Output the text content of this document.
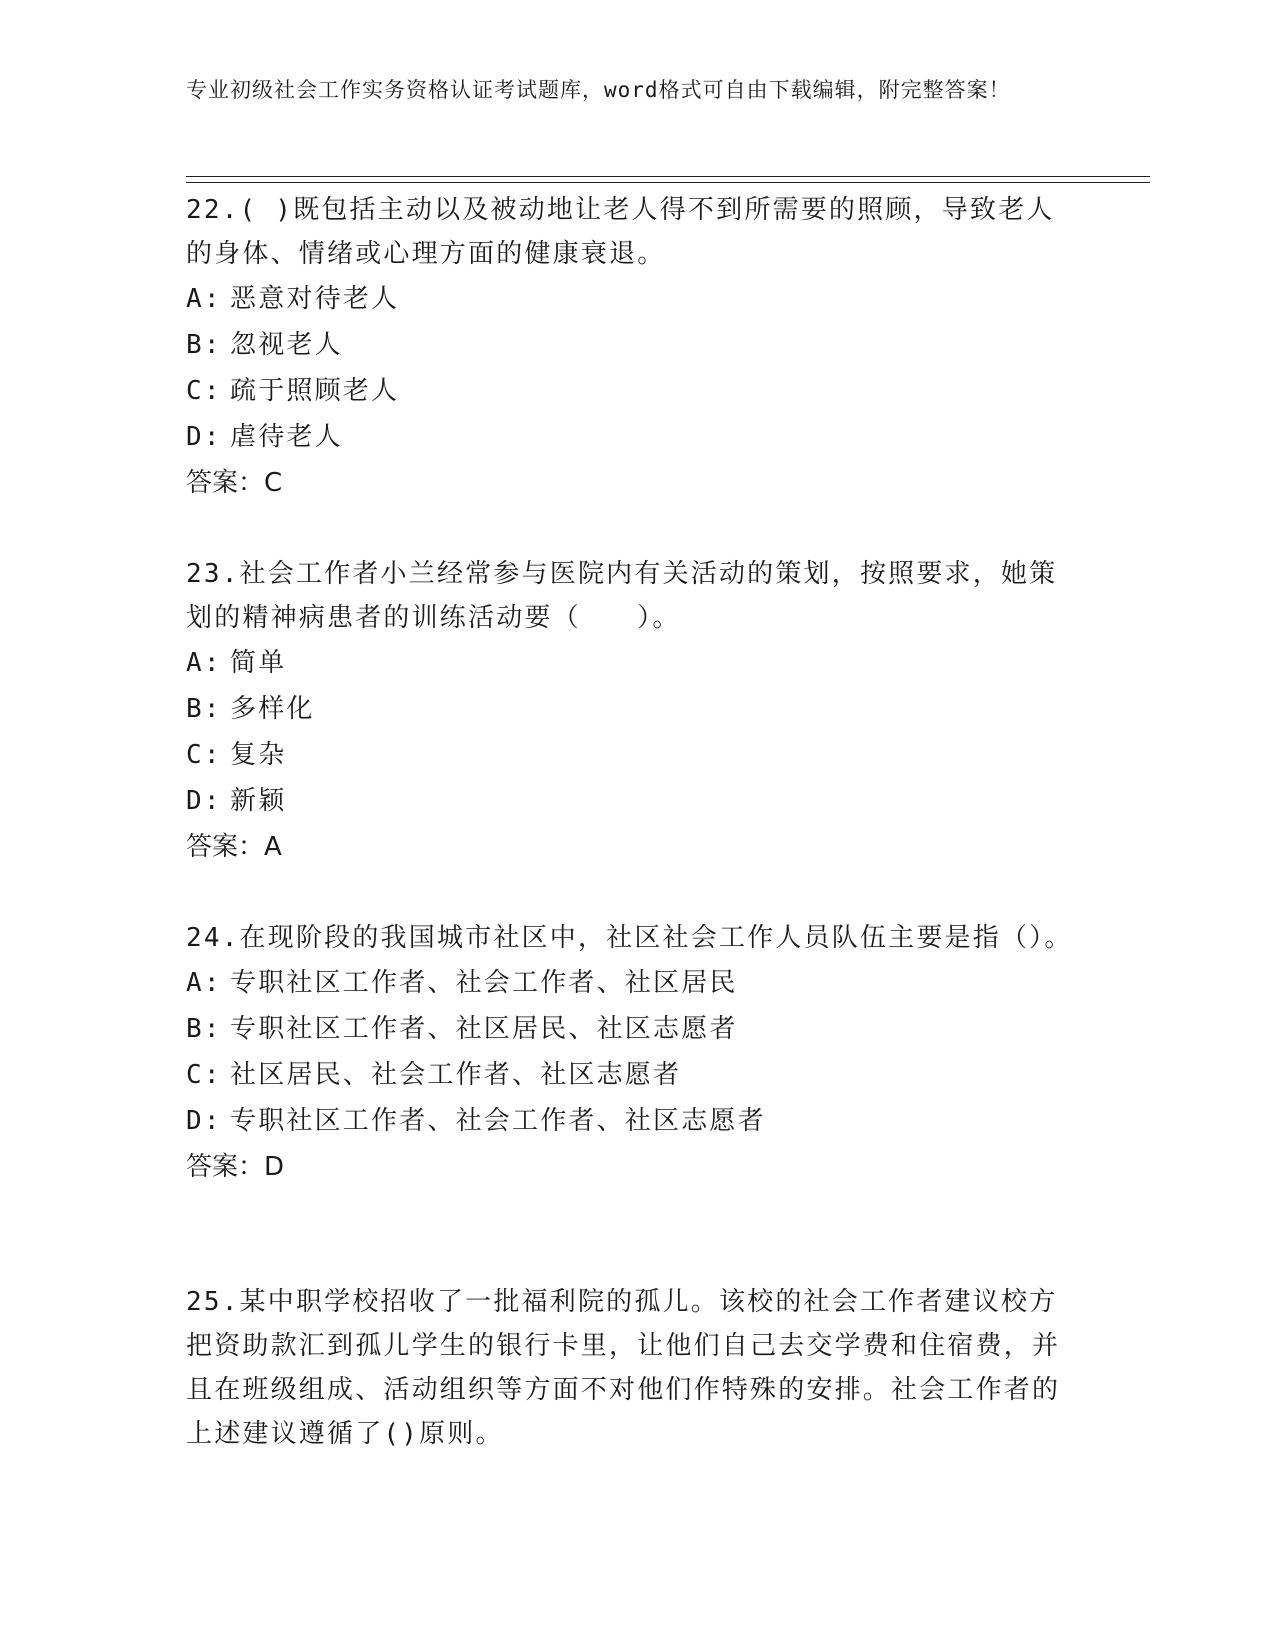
专业初级社会工作实务资格认证考试题库，word格式可自由下载编辑，附完整答案！

22.( )既包括主动以及被动地让老人得不到所需要的照顾，导致老人的身体、情绪或心理方面的健康衰退。

A: 恶意对待老人

B: 忽视老人

C: 疏于照顾老人

D: 虐待老人

答案：C

23.社会工作者小兰经常参与医院内有关活动的策划，按照要求，她策划的精神病患者的训练活动要（　　）。

A: 简单

B: 多样化

C: 复杂

D: 新颖

答案：A

24.在现阶段的我国城市社区中，社区社会工作人员队伍主要是指（）。

A: 专职社区工作者、社会工作者、社区居民

B: 专职社区工作者、社区居民、社区志愿者

C: 社区居民、社会工作者、社区志愿者

D: 专职社区工作者、社会工作者、社区志愿者

答案：D

25.某中职学校招收了一批福利院的孤儿。该校的社会工作者建议校方把资助款汇到孤儿学生的银行卡里，让他们自己去交学费和住宿费，并且在班级组成、活动组织等方面不对他们作特殊的安排。社会工作者的上述建议遵循了()原则。
